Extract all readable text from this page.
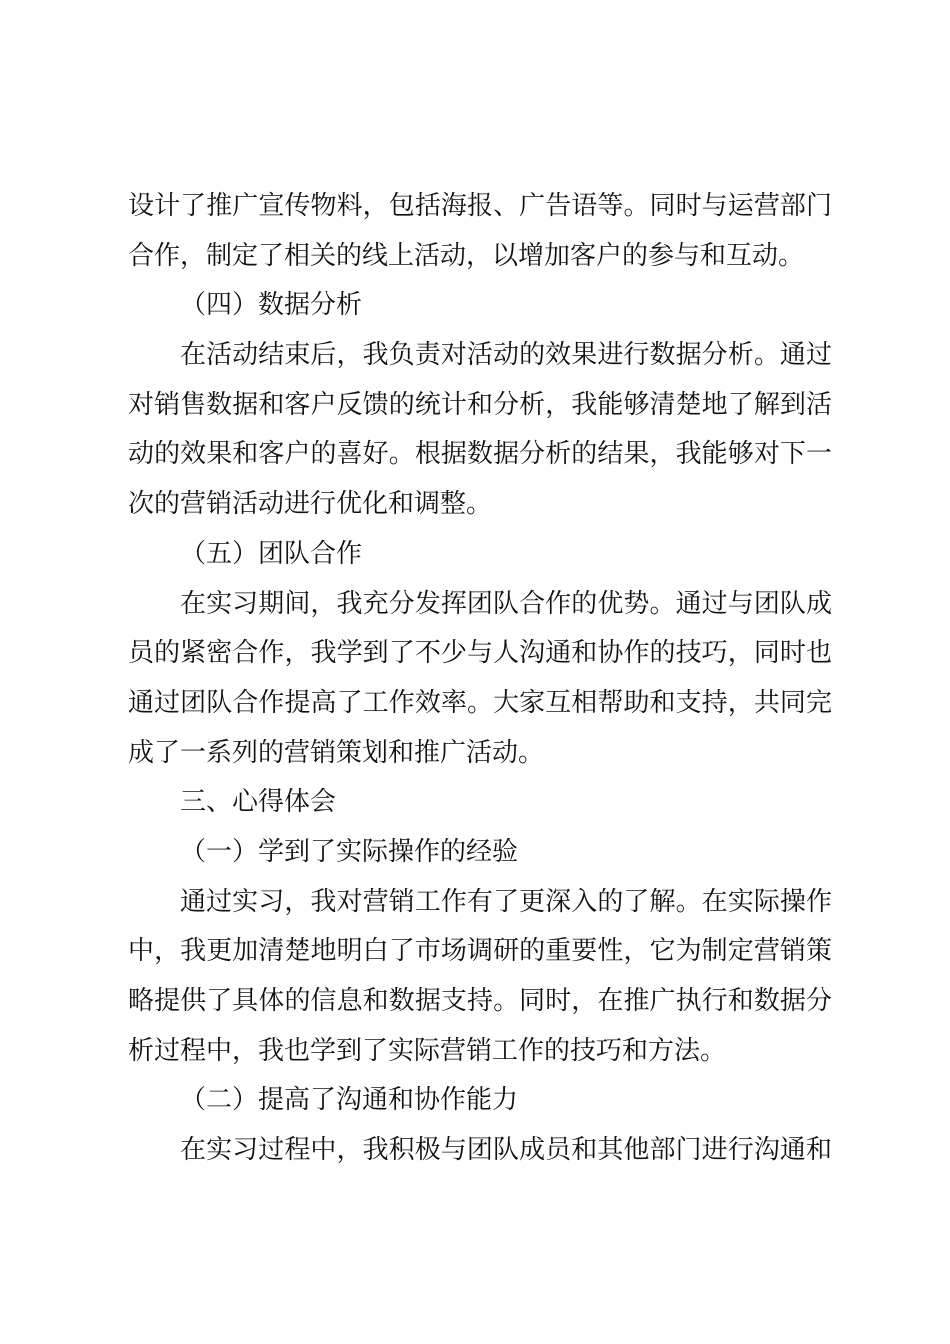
设计了推广宣传物料，包括海报、广告语等。同时与运营部门
合作，制定了相关的线上活动，以增加客户的参与和互动。
（四）数据分析
在活动结束后，我负责对活动的效果进行数据分析。通过
对销售数据和客户反馈的统计和分析，我能够清楚地了解到活
动的效果和客户的喜好。根据数据分析的结果，我能够对下一
次的营销活动进行优化和调整。
（五）团队合作
在实习期间，我充分发挥团队合作的优势。通过与团队成
员的紧密合作，我学到了不少与人沟通和协作的技巧，同时也
通过团队合作提高了工作效率。大家互相帮助和支持，共同完
成了一系列的营销策划和推广活动。
三、心得体会
（一）学到了实际操作的经验
通过实习，我对营销工作有了更深入的了解。在实际操作
中，我更加清楚地明白了市场调研的重要性，它为制定营销策
略提供了具体的信息和数据支持。同时，在推广执行和数据分
析过程中，我也学到了实际营销工作的技巧和方法。
（二）提高了沟通和协作能力
在实习过程中，我积极与团队成员和其他部门进行沟通和
